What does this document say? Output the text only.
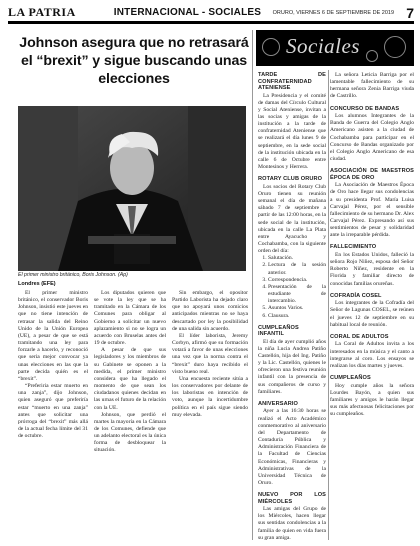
LA PATRIA	INTERNACIONAL - SOCIALES	ORURO, VIERNES 6 DE SEPTIEMBRE DE 2019 7
Johnson asegura que no retrasará el “brexit” y sigue buscando unas elecciones
El primer ministro británico, Boris Johnson. (Ap)
Londres (EFE)

El primer ministro británico, el conservador Boris Johnson, insistió este jueves en que no tiene intención de retrasar la salida del Reino Unido de la Unión Europea (UE), a pesar de que se está tramitando una ley para forzarle a hacerlo, y reconoció que seria mejor convocar ya unas elecciones en las que la parte decida quién es el “brexit”.

“Preferiria estar muerto en una zanja”, dijo Johnson, quien aseguró que preferiría estar “muerto en una zanja” antes que solicitar una prórroga del “brexit” más allá de la actual fecha límite del 31 de octubre.

Los diputados quieren que se vote la ley que se ha tramitado en la Cámara de los Comunes para obligar al Gobierno a solicitar un nuevo aplazamiento si no se logra un acuerdo con Bruselas antes del 19 de octubre.

A pesar de que sus legisladores y los miembros de su Gabinete se oponen a la medida, el primer ministro considera que ha llegado el momento de que sean los ciudadanos quienes decidan en las urnas el futuro de la relación con la UE.

Johnson, que perdió el martes la mayoría en la Cámara de los Comunes, defiende que un adelanto electoral es la única forma de desbloquear la situación.

Sin embargo, el opositor Partido Laborista ha dejado claro que no apoyará unos comicios anticipados mientras no se haya descartado por ley la posibilidad de una salida sin acuerdo.

El líder laborista, Jeremy Corbyn, afirmó que su formación votará a favor de unas elecciones una vez que la norma contra el “brexit” duro haya recibido el visto bueno real.

Una encuesta reciente sitúa a los conservadores por delante de los laboristas en intención de voto, aunque la incertidumbre política en el país sigue siendo muy elevada.

Sociales
TARDE DE CONFRATERNIDAD ATENIENSE

La Presidencia y el comité de damas del Círculo Cultural y Social Ateniense, invitan a las socias y amigas de la institución a la tarde de confraternidad Ateniense que se realizará el día lunes 9 de septiembre, en la sede social de la institución ubicada en la calle 6 de Octubre entre Montesinos y Herrera.

ROTARY CLUB ORURO

Los socios del Rotary Club Oruro tienen su reunión semanal el día de mañana sábado 7 de septiembre a partir de las 12:00 horas, en la sede social de la institución, ubicada en la calle La Plata entre Ayacucho y Cochabamba, con la siguiente orden del día:

1. Salutación.
2. Lectura de la sesión anterior.
3. Correspondencia.
4. Presentación de la estudiante de intercambio.
5. Asuntos Varios.
6. Clausura.
CUMPLEAÑOS INFANTIL

El día de ayer cumplió años la niña Lucia Andrea Patiño Castellón, hija del Ing. Patiño y la Lic. Castellón, quienes le ofrecieron una festiva reunión infantil con la presencia de sus compañeros de curso y familiares.

ANIVERSARIO

Ayer a las 16:30 horas se realizó el Acto Académico conmemorativo al aniversario del Departamento de Contaduría Pública y Administración Financiera de la Facultad de Ciencias Económicas, Financieras y Administrativas de la Universidad Técnica de Oruro.

NUEVO POR LOS MIÉRCOLES

Las amigas del Grupo de los Miércoles, hacen llegar sus sentidas condolencias a la familia de quien en vida fuera su gran amiga.

La señora Leticia Barriga por el lamentable fallecimiento de su hermana señora Zenia Barriga viuda de Castrillo.

CONCURSO DE BANDAS

Los alumnos Integrantes de la Banda de Guerra del Colegio Anglo Americano asisten a la ciudad de Cochabamba para participar en el Concurso de Bandas organizado por el Colegio Anglo Americano de esa ciudad.

ASOCIACIÓN DE MAESTROS ÉPOCA DE ORO

La Asociación de Maestros Época de Oro hace llegar sus condolencias a su presidenta Prof. María Luisa Carvajal Pérez, por el sensible fallecimiento de su hermano Dr. Alex Carvajal Pérez. Expresando así sus sentimientos de pesar y solidaridad ante la irreparable pérdida.

FALLECIMIENTO

En los Estados Unidos, falleció la señora Rojo Niñez, esposa del Señor Roberto Niñez, residente en la Florida y familiar directo de conocidas familias orureñas.

COFRADÍA COSEL

Los integrantes de la Cofradía del Señor de Lagunas COSEL, se reúnen el jueves 12 de septiembre en su habitual local de reunión.

CORAL DE ADULTOS

La Coral de Adultos invita a los interesados en la música y el canto a integrarse al coro. Los ensayos se realizan los días martes y jueves.

CUMPLEAÑOS

Hoy cumple años la señora Lourdes Bayón, a quien sus familiares y amigos le harán llegar sus más afectuosas felicitaciones por su cumpleaños.
